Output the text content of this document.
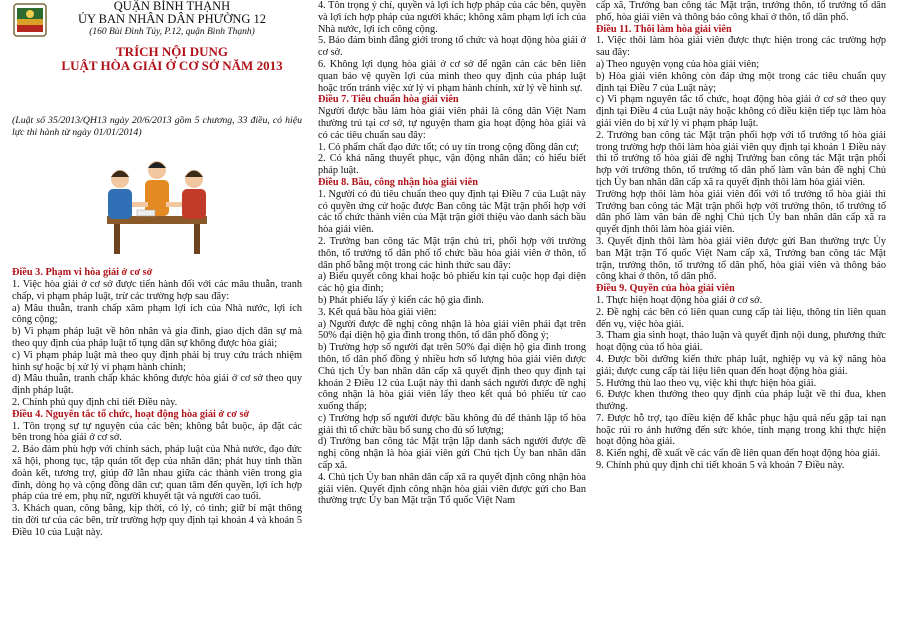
QUẬN BÌNH THẠNH
ỦY BAN NHÂN DÂN PHƯỜNG 12
(160 Bùi Đình Túy, P.12, quận Bình Thạnh)
TRÍCH NỘI DUNG
LUẬT HÒA GIẢI Ở CƠ SỞ NĂM 2013

(Luật số 35/2013/QH13 ngày 20/6/2013 gồm 5 chương, 33 điều, có hiệu lực thi hành từ ngày 01/01/2014)

Điều 3. Phạm vi hòa giải ở cơ sở

1. Việc hòa giải ở cơ sở được tiến hành đối với các mâu thuẫn, tranh chấp, vi phạm pháp luật, trừ các trường hợp sau đây:

a) Mâu thuẫn, tranh chấp xâm phạm lợi ích của Nhà nước, lợi ích công cộng;

b) Vi phạm pháp luật về hôn nhân và gia đình, giao dịch dân sự mà theo quy định của pháp luật tố tụng dân sự không được hòa giải;

c) Vi phạm pháp luật mà theo quy định phải bị truy cứu trách nhiệm hình sự hoặc bị xử lý vi phạm hành chính;

d) Mâu thuẫn, tranh chấp khác không được hòa giải ở cơ sở theo quy định pháp luật.

2. Chính phủ quy định chi tiết Điều này.

Điều 4. Nguyên tắc tổ chức, hoạt động hòa giải ở cơ sở

1. Tôn trọng sự tự nguyện của các bên; không bắt buộc, áp đặt các bên trong hòa giải ở cơ sở.

2. Bảo đảm phù hợp với chính sách, pháp luật của Nhà nước, đạo đức xã hội, phong tục, tập quán tốt đẹp của nhân dân; phát huy tinh thần đoàn kết, tương trợ, giúp đỡ lẫn nhau giữa các thành viên trong gia đình, dòng họ và cộng đồng dân cư; quan tâm đến quyền, lợi ích hợp pháp của trẻ em, phụ nữ, người khuyết tật và người cao tuổi.

3. Khách quan, công bằng, kịp thời, có lý, có tình; giữ bí mật thông tin đời tư của các bên, trừ trường hợp quy định tại khoản 4 và khoản 5 Điều 10 của Luật này.

4. Tôn trọng ý chí, quyền và lợi ích hợp pháp của các bên, quyền và lợi ích hợp pháp của người khác; không xâm phạm lợi ích của Nhà nước, lợi ích công cộng.

5. Bảo đảm bình đẳng giới trong tổ chức và hoạt động hòa giải ở cơ sở.

6. Không lợi dụng hòa giải ở cơ sở để ngăn cản các bên liên quan bảo vệ quyền lợi của mình theo quy định của pháp luật hoặc trốn tránh việc xử lý vi phạm hành chính, xử lý về hình sự.

Điều 7. Tiêu chuẩn hòa giải viên

Người được bầu làm hòa giải viên phải là công dân Việt Nam thường trú tại cơ sở, tự nguyện tham gia hoạt động hòa giải và có các tiêu chuẩn sau đây:

1. Có phẩm chất đạo đức tốt; có uy tín trong cộng đồng dân cư;

2. Có khả năng thuyết phục, vận động nhân dân; có hiểu biết pháp luật.

Điều 8. Bầu, công nhận hòa giải viên

1. Người có đủ tiêu chuẩn theo quy định tại Điều 7 của Luật này có quyền ứng cử hoặc được Ban công tác Mặt trận phối hợp với các tổ chức thành viên của Mặt trận giới thiệu vào danh sách bầu hòa giải viên.

2. Trưởng ban công tác Mặt trận chủ trì, phối hợp với trưởng thôn, tổ trưởng tổ dân phố tổ chức bầu hòa giải viên ở thôn, tổ dân phố bằng một trong các hình thức sau đây:

a) Biểu quyết công khai hoặc bỏ phiếu kín tại cuộc họp đại diện các hộ gia đình;

b) Phát phiếu lấy ý kiến các hộ gia đình.

3. Kết quả bầu hòa giải viên:

a) Người được đề nghị công nhận là hòa giải viên phải đạt trên 50% đại diện hộ gia đình trong thôn, tổ dân phố đồng ý;

b) Trường hợp số người đạt trên 50% đại diện hộ gia đình trong thôn, tổ dân phố đồng ý nhiều hơn số lượng hòa giải viên được Chủ tịch Ủy ban nhân dân cấp xã quyết định theo quy định tại khoản 2 Điều 12 của Luật này thì danh sách người được đề nghị công nhận là hòa giải viên lấy theo kết quả bỏ phiếu từ cao xuống thấp;

c) Trường hợp số người được bầu không đủ để thành lập tổ hòa giải thì tổ chức bầu bổ sung cho đủ số lượng;

d) Trưởng ban công tác Mặt trận lập danh sách người được đề nghị công nhận là hòa giải viên gửi Chủ tịch Ủy ban nhân dân cấp xã.

4. Chủ tịch Ủy ban nhân dân cấp xã ra quyết định công nhận hòa giải viên. Quyết định công nhận hòa giải viên được gửi cho Ban thường trực Ủy ban Mặt trận Tổ quốc Việt Nam

cấp xã, Trưởng ban công tác Mặt trận, trưởng thôn, tổ trưởng tổ dân phố, hòa giải viên và thông báo công khai ở thôn, tổ dân phố.

Điều 11. Thôi làm hòa giải viên

1. Việc thôi làm hòa giải viên được thực hiện trong các trường hợp sau đây:

a) Theo nguyện vọng của hòa giải viên;

b) Hòa giải viên không còn đáp ứng một trong các tiêu chuẩn quy định tại Điều 7 của Luật này;

c) Vi phạm nguyên tắc tổ chức, hoạt động hòa giải ở cơ sở theo quy định tại Điều 4 của Luật này hoặc không có điều kiện tiếp tục làm hòa giải viên do bị xử lý vi phạm pháp luật.

2. Trưởng ban công tác Mặt trận phối hợp với tổ trưởng tổ hòa giải trong trường hợp thôi làm hòa giải viên quy định tại khoản 1 Điều này thì tổ trưởng tổ hòa giải đề nghị Trưởng ban công tác Mặt trận phối hợp với trưởng thôn, tổ trưởng tổ dân phố làm văn bản đề nghị Chủ tịch Ủy ban nhân dân cấp xã ra quyết định thôi làm hòa giải viên.

Trường hợp thôi làm hòa giải viên đối với tổ trưởng tổ hòa giải thì Trưởng ban công tác Mặt trận phối hợp với trưởng thôn, tổ trưởng tổ dân phố làm văn bản đề nghị Chủ tịch Ủy ban nhân dân cấp xã ra quyết định thôi làm hòa giải viên.

3. Quyết định thôi làm hòa giải viên được gửi Ban thường trực Ủy ban Mặt trận Tổ quốc Việt Nam cấp xã, Trưởng ban công tác Mặt trận, trưởng thôn, tổ trưởng tổ dân phố, hòa giải viên và thông báo công khai ở thôn, tổ dân phố.

Điều 9. Quyền của hòa giải viên

1. Thực hiện hoạt động hòa giải ở cơ sở.

2. Đề nghị các bên có liên quan cung cấp tài liệu, thông tin liên quan đến vụ, việc hòa giải.

3. Tham gia sinh hoạt, thảo luận và quyết định nội dung, phương thức hoạt động của tổ hòa giải.

4. Được bồi dưỡng kiến thức pháp luật, nghiệp vụ và kỹ năng hòa giải; được cung cấp tài liệu liên quan đến hoạt động hòa giải.

5. Hưởng thù lao theo vụ, việc khi thực hiện hòa giải.

6. Được khen thưởng theo quy định của pháp luật về thi đua, khen thưởng.

7. Được hỗ trợ, tạo điều kiện để khắc phục hậu quả nếu gặp tai nạn hoặc rủi ro ảnh hưởng đến sức khỏe, tính mạng trong khi thực hiện hoạt động hòa giải.

8. Kiến nghị, đề xuất về các vấn đề liên quan đến hoạt động hòa giải.

9. Chính phủ quy định chi tiết khoản 5 và khoản 7 Điều này.
